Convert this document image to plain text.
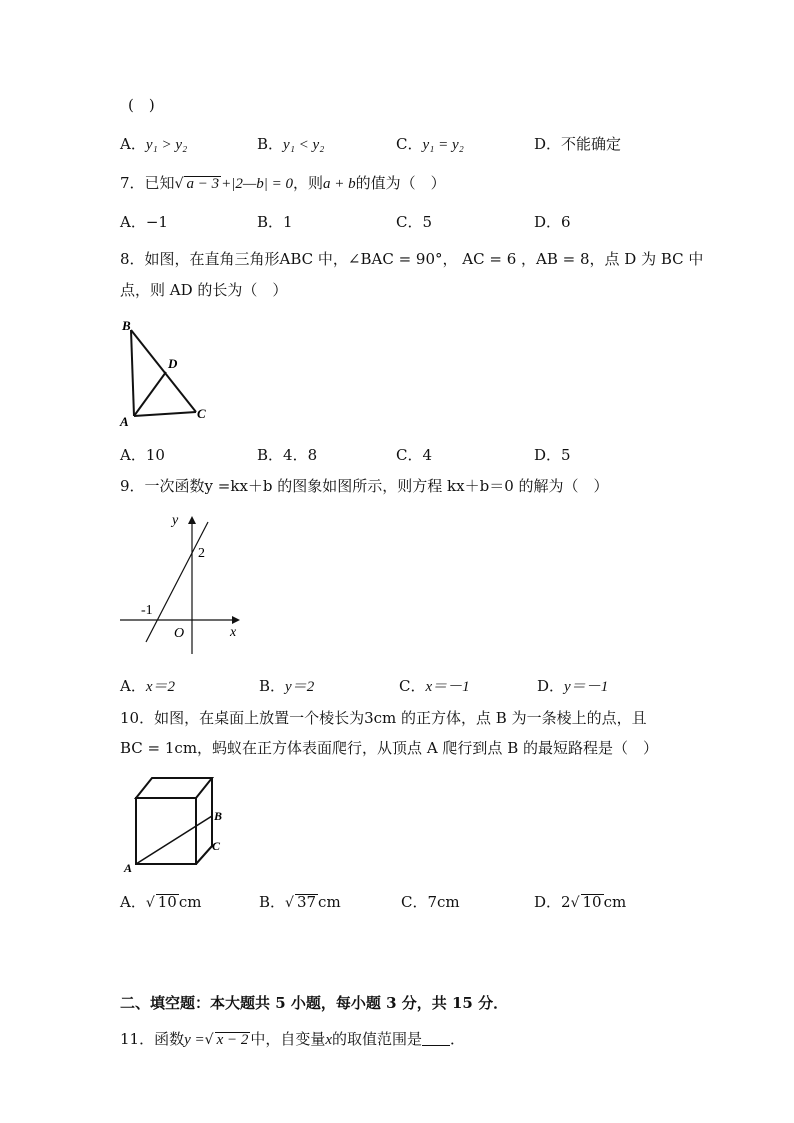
(　)
A．y₁ > y₂	B．y₁ < y₂	C．y₁ = y₂	D．不能确定
7．已知√ a − 3 +|2—b| = 0，则a + b的值为（　）
A．−1	B．1	C．5	D．6
8．如图，在直角三角形ABC 中，∠BAC = 90°， AC = 6 ，AB = 8，点 D 为 BC 中
点，则 AD 的长为（　）
B
D
A
C
A．10	B．4．8	C．4	D．5
9．一次函数y =kx＋b 的图象如图所示，则方程 kx＋b＝0 的解为（　）
y
x
O
2
-1
A．x＝2	B．y＝2	C．x＝－1	D．y＝－1
10．如图，在桌面上放置一个棱长为3cm 的正方体，点 B 为一条棱上的点，且
BC = 1cm，蚂蚁在正方体表面爬行，从顶点 A 爬行到点 B 的最短路程是（　）
B
C
A
A．√ 10 cm	B．√ 37 cm	C．7cm	D．2√ 10 cm
二、填空题：本大题共 5 小题，每小题 3 分，共 15 分．
11．函数y =√ x − 2 中，自变量x的取值范围是 ．
